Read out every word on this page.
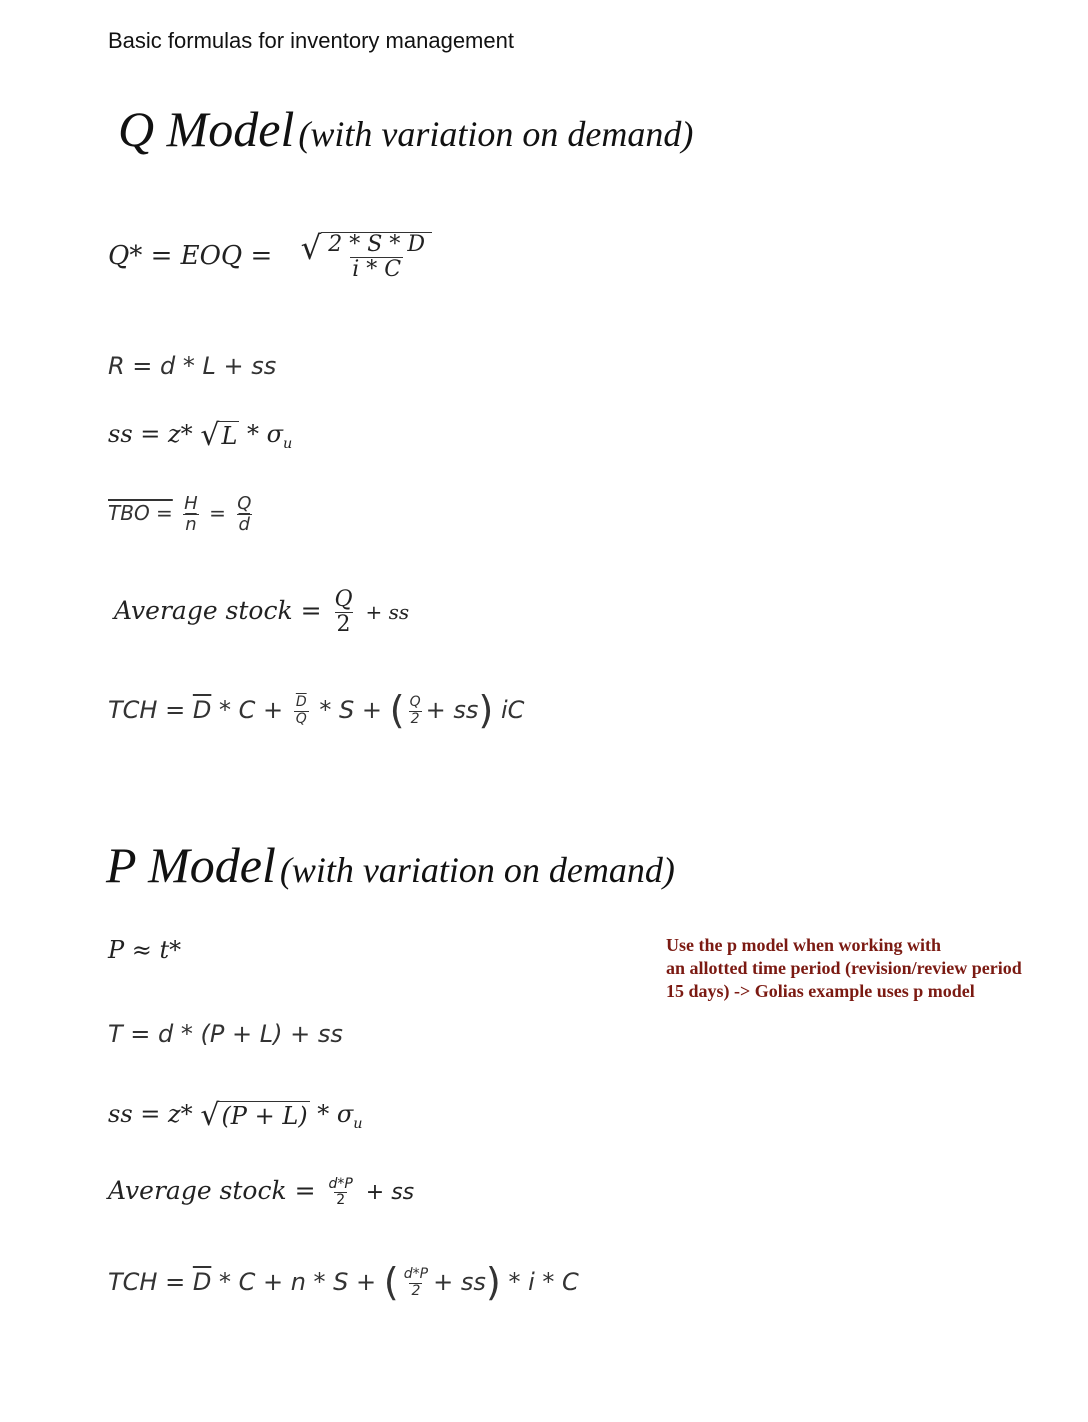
Basic formulas for inventory management
Q Model (with variation on demand)
Q* = EOQ = √ $\frac{2 * S * D}{i * C}$
R = d * L + ss
ss = z* √ L * $\sigma_u$
TBO = $\frac{H}{n} = \frac{Q}{d}$
Average stock = $\frac{Q}{2}$ + ss
TCH = $\overline{D} * C + \frac{\overline{D}}{Q} * S$ + ( $\frac{Q}{2} + ss$) iC
P Model (with variation on demand)
P ≈ t*	Use the p model when working with
an allotted time period (revision/review period
15 days) -> Golias example uses p model
T = d * (P + L) + ss
ss = z* √ $(P + L) * \sigma_u$
Average stock = $\frac{d*P}{2}$ + ss
TCH = $\overline{D} * C + n * S$ + ( $\frac{d*P}{2} + ss) * i * C$
